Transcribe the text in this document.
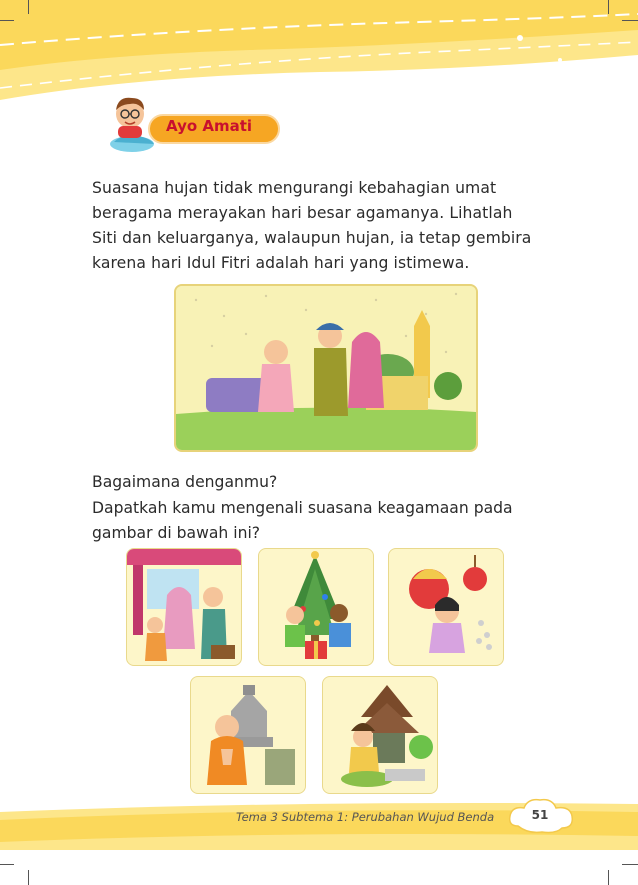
Ayo Amati

Suasana hujan tidak mengurangi kebahagian umat beragama merayakan hari besar agamanya. Lihatlah Siti dan keluarganya, walaupun hujan, ia tetap gembira karena hari Idul Fitri adalah hari yang istimewa.

Bagaimana denganmu?

Dapatkah kamu mengenali suasana keagamaan pada gambar di bawah ini?

Tema 3 Subtema 1: Perubahan Wujud Benda	51
